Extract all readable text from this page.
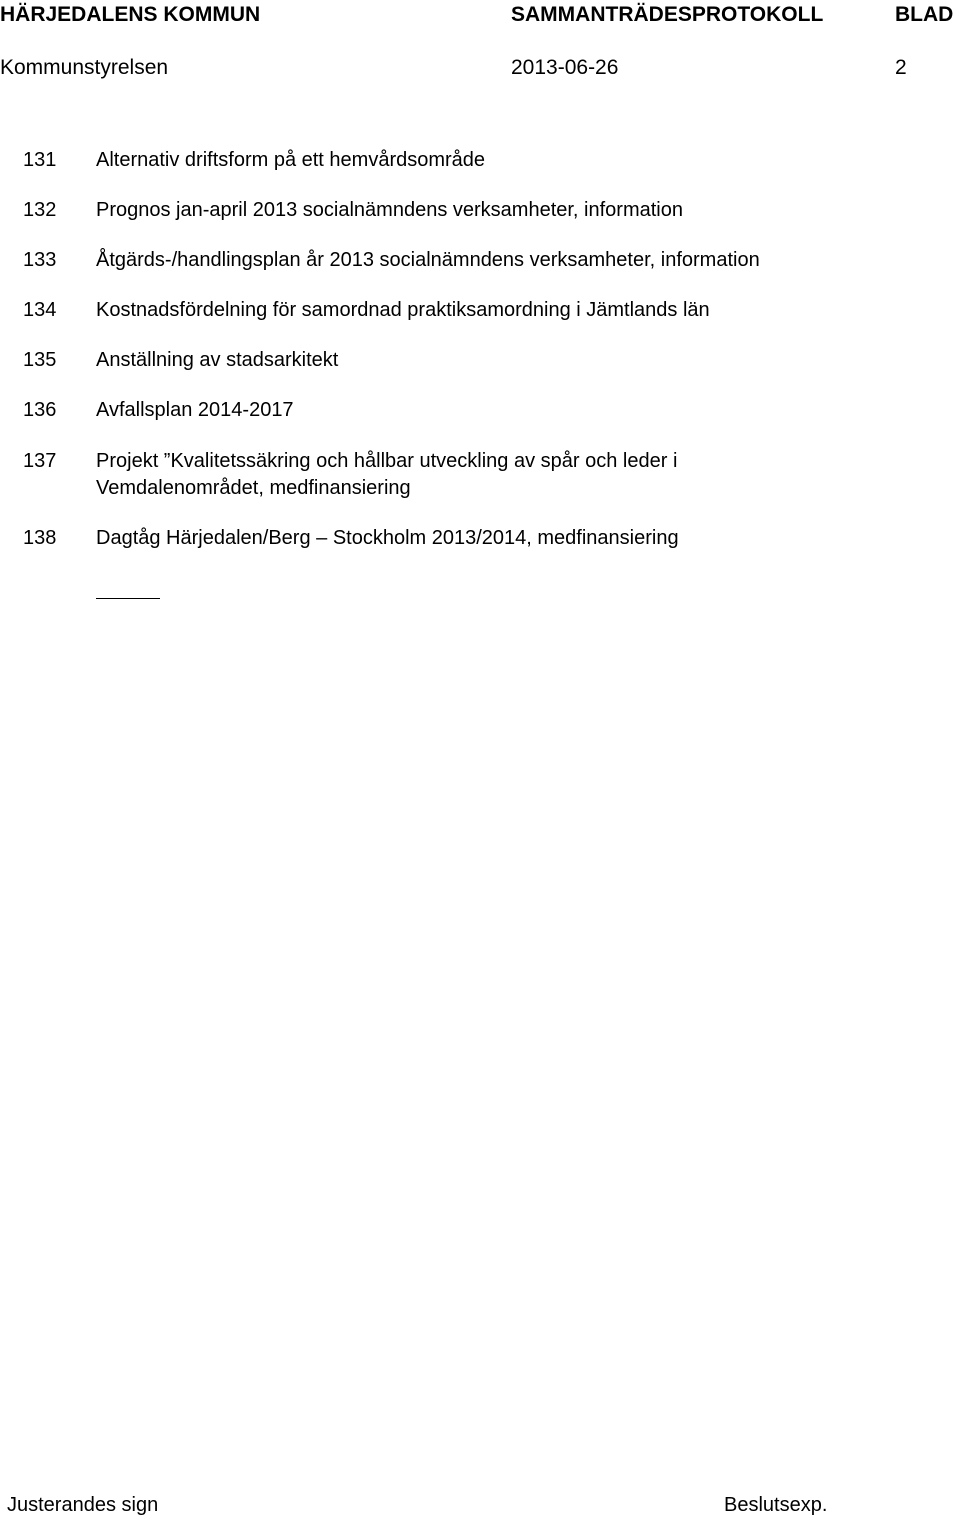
HÄRJEDALENS KOMMUN	SAMMANTRÄDESPROTOKOLL	BLAD
Kommunstyrelsen	2013-06-26	2
131	Alternativ driftsform på ett hemvårdsområde
132	Prognos jan-april 2013 socialnämndens verksamheter, information
133	Åtgärds-/handlingsplan år 2013 socialnämndens verksamheter, information
134	Kostnadsfördelning för samordnad praktiksamordning i Jämtlands län
135	Anställning av stadsarkitekt
136	Avfallsplan 2014-2017
137	Projekt ”Kvalitetssäkring och hållbar utveckling av spår och leder i
Vemdalenområdet, medfinansiering
138	Dagtåg Härjedalen/Berg – Stockholm 2013/2014, medfinansiering
Justerandes sign	Beslutsexp.
